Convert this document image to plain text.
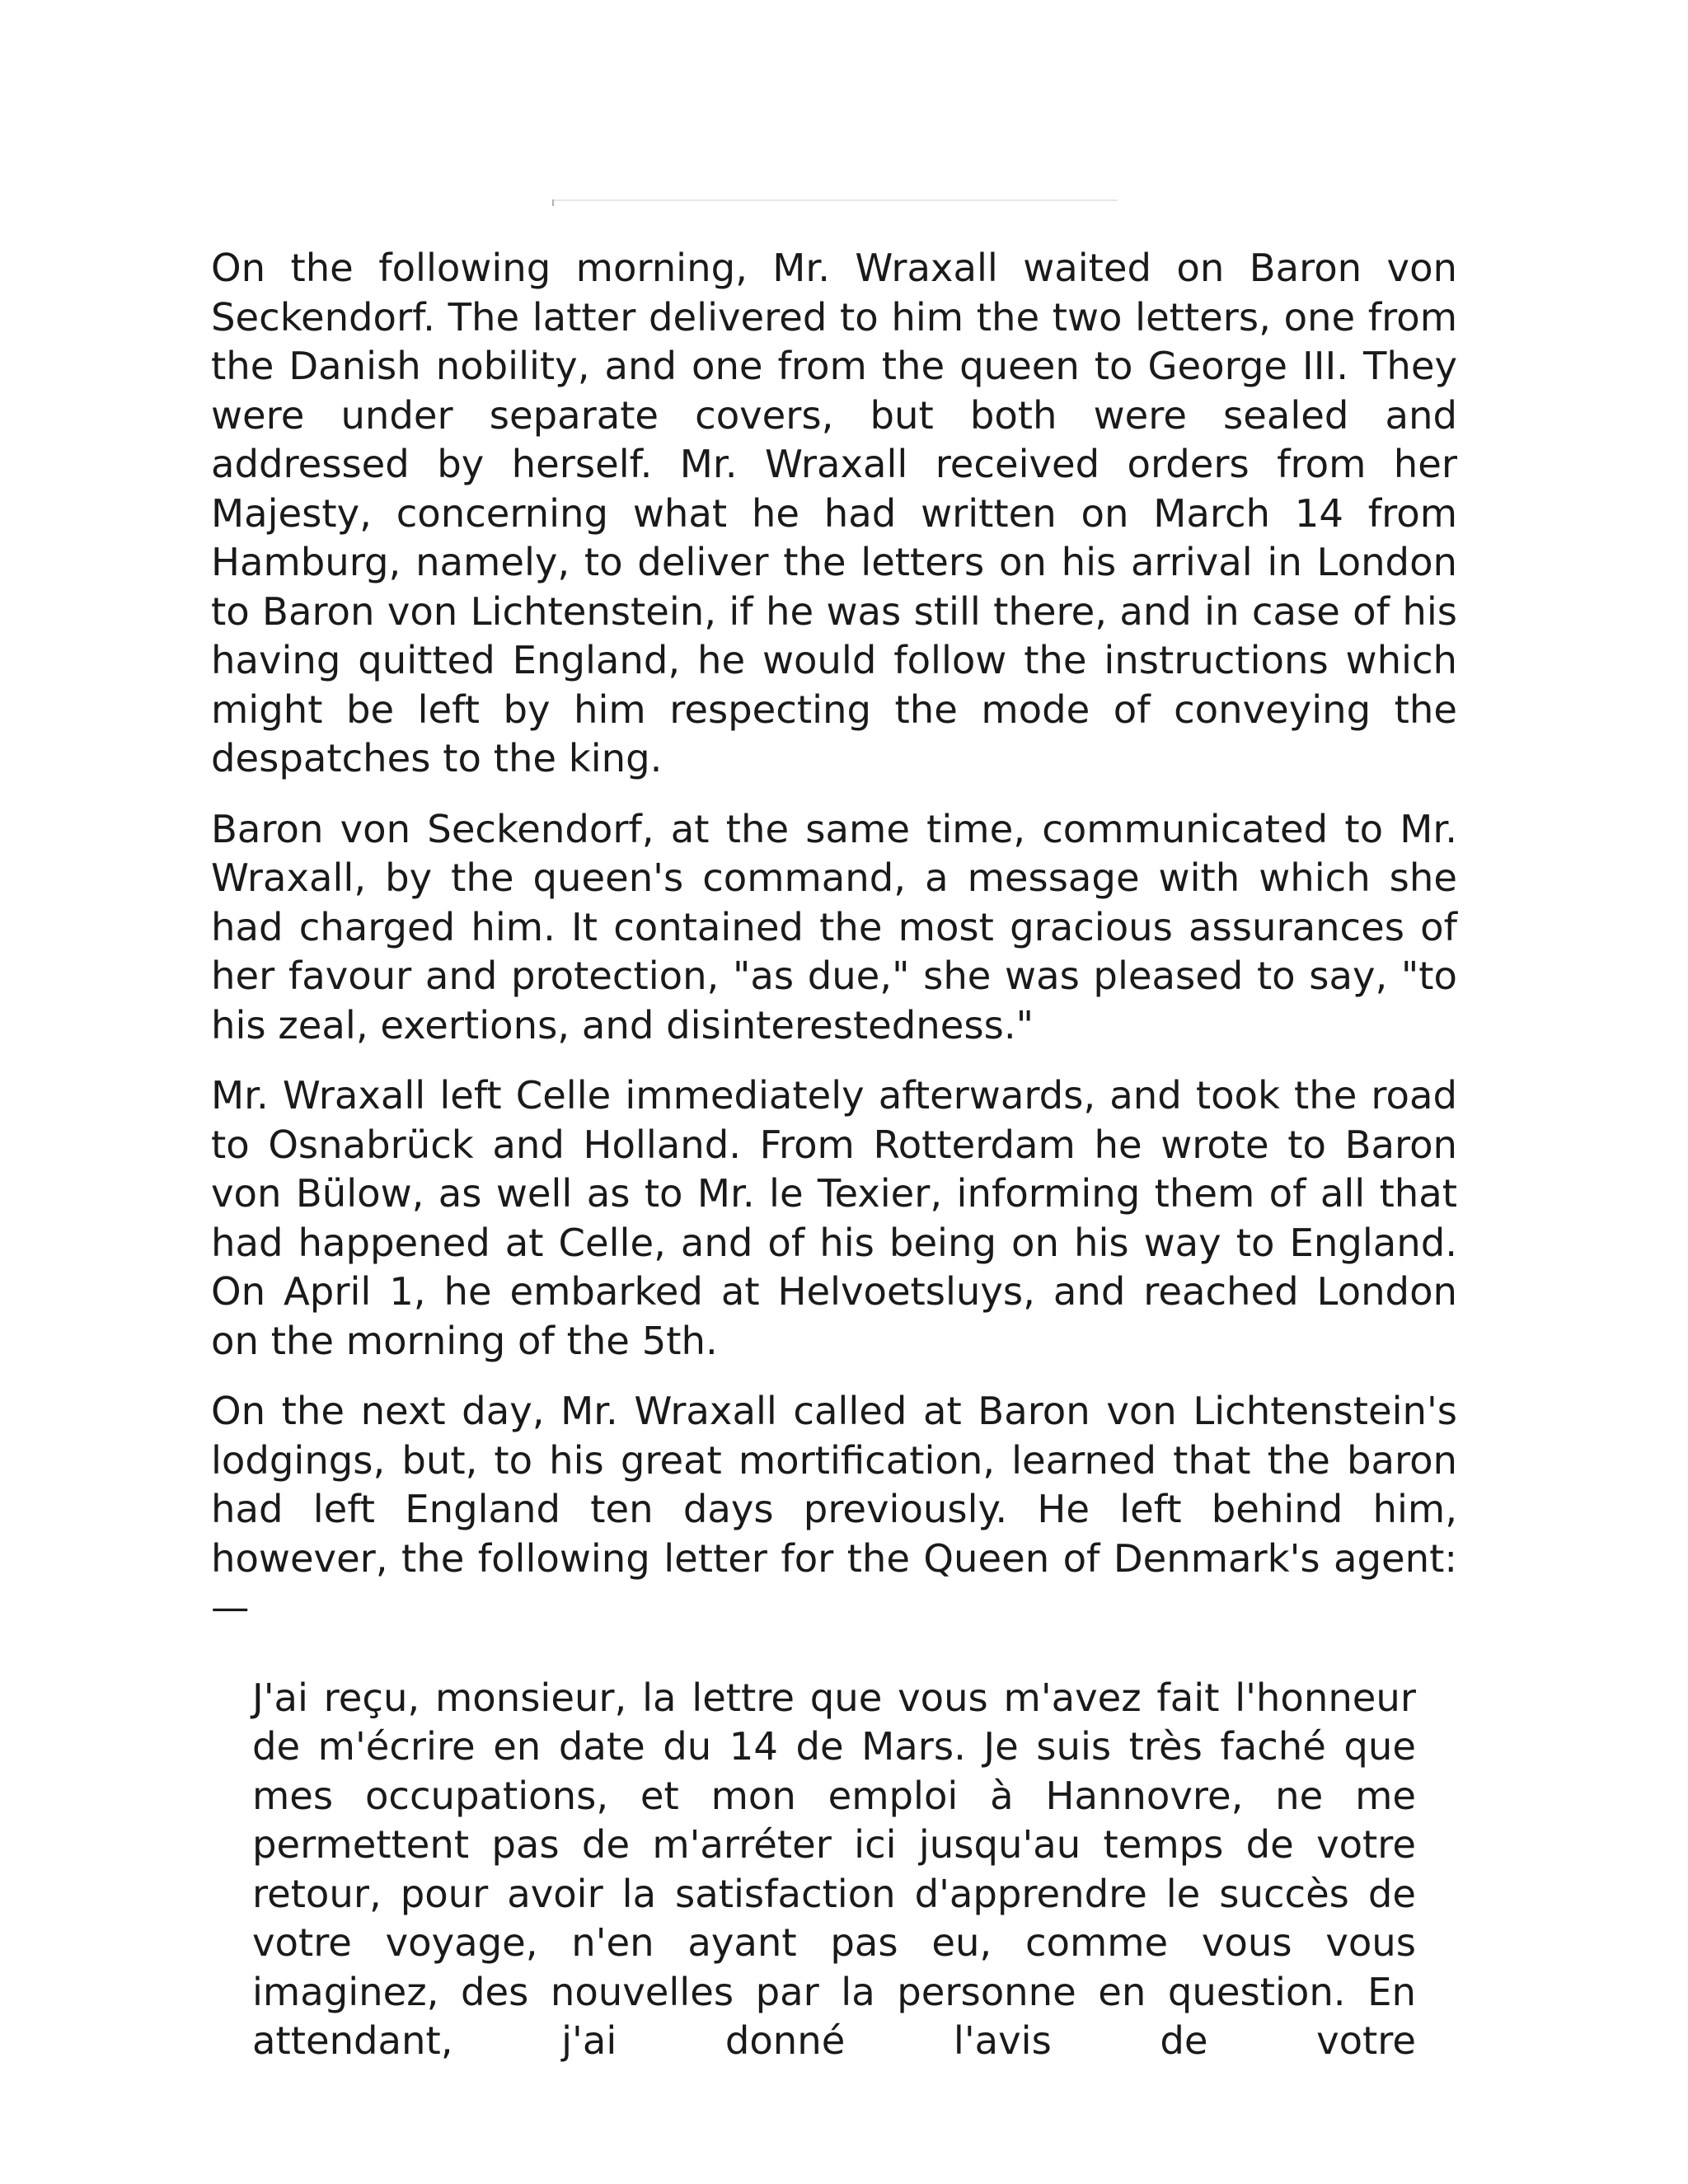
On the following morning, Mr. Wraxall waited on Baron von Seckendorf. The latter delivered to him the two letters, one from the Danish nobility, and one from the queen to George III. They were under separate covers, but both were sealed and addressed by herself. Mr. Wraxall received orders from her Majesty, concerning what he had written on March 14 from Hamburg, namely, to deliver the letters on his arrival in London to Baron von Lichtenstein, if he was still there, and in case of his having quitted England, he would follow the instructions which might be left by him respecting the mode of conveying the despatches to the king.

Baron von Seckendorf, at the same time, communicated to Mr. Wraxall, by the queen's command, a message with which she had charged him. It contained the most gracious assurances of her favour and protection, "as due," she was pleased to say, "to his zeal, exertions, and disinterestedness."

Mr. Wraxall left Celle immediately afterwards, and took the road to Osnabrück and Holland. From Rotterdam he wrote to Baron von Bülow, as well as to Mr. le Texier, informing them of all that had happened at Celle, and of his being on his way to England. On April 1, he embarked at Helvoetsluys, and reached London on the morning of the 5th.

On the next day, Mr. Wraxall called at Baron von Lichtenstein's lodgings, but, to his great mortification, learned that the baron had left England ten days previously. He left behind him, however, the following letter for the Queen of Denmark's agent:—

J'ai reçu, monsieur, la lettre que vous m'avez fait l'honneur de m'écrire en date du 14 de Mars. Je suis très faché que mes occupations, et mon emploi à Hannovre, ne me permettent pas de m'arréter ici jusqu'au temps de votre retour, pour avoir la satisfaction d'apprendre le succès de votre voyage, n'en ayant pas eu, comme vous vous imaginez, des nouvelles par la personne en question. En attendant, j'ai donné l'avis de votre
